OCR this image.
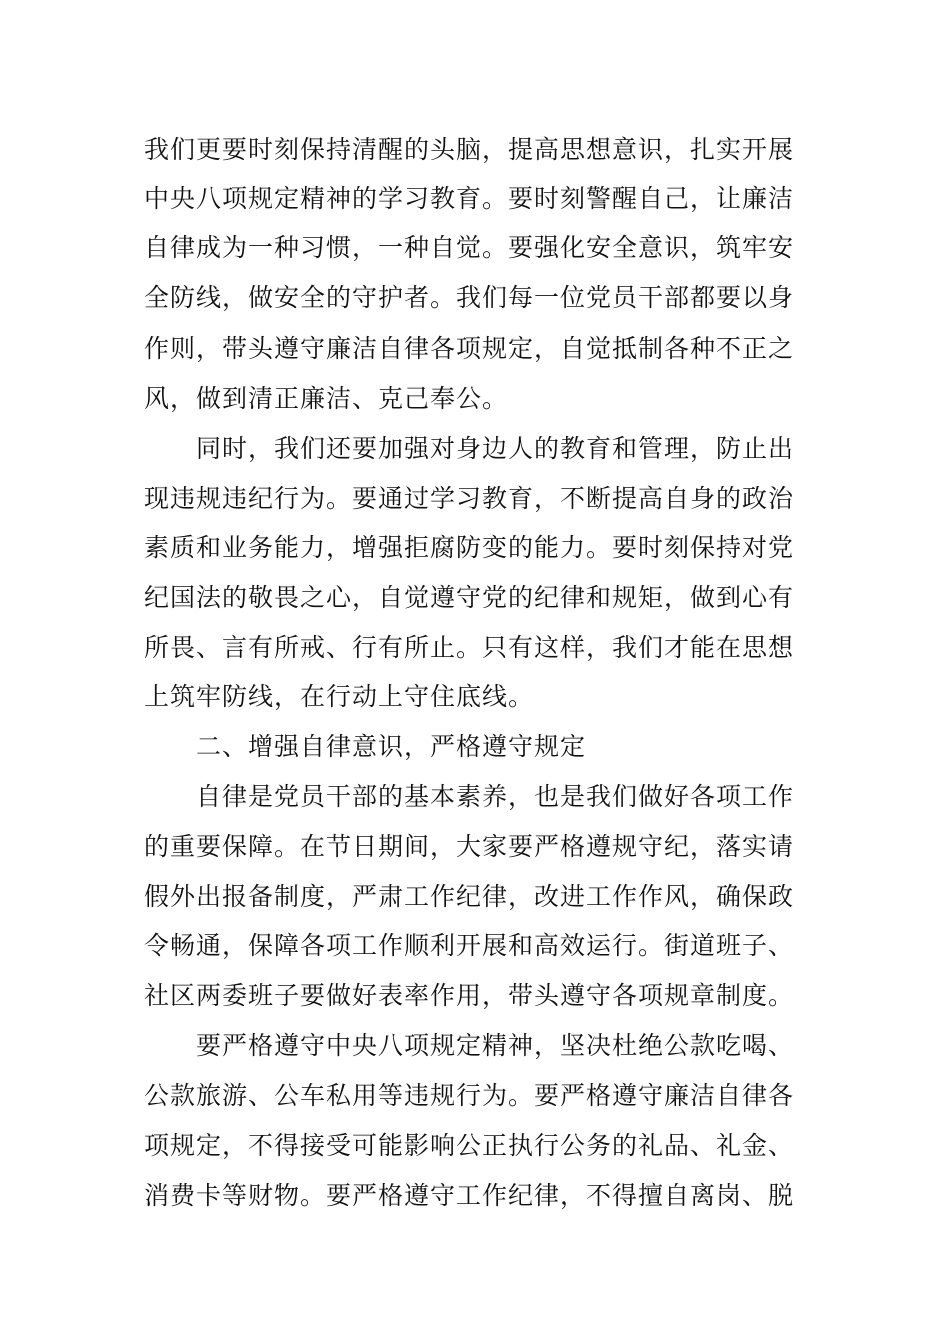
我们更要时刻保持清醒的头脑，提高思想意识，扎实开展
中央八项规定精神的学习教育。要时刻警醒自己，让廉洁
自律成为一种习惯，一种自觉。要强化安全意识，筑牢安
全防线，做安全的守护者。我们每一位党员干部都要以身
作则，带头遵守廉洁自律各项规定，自觉抵制各种不正之
风，做到清正廉洁、克己奉公。
同时，我们还要加强对身边人的教育和管理，防止出
现违规违纪行为。要通过学习教育，不断提高自身的政治
素质和业务能力，增强拒腐防变的能力。要时刻保持对党
纪国法的敬畏之心，自觉遵守党的纪律和规矩，做到心有
所畏、言有所戒、行有所止。只有这样，我们才能在思想
上筑牢防线，在行动上守住底线。
二、增强自律意识，严格遵守规定
自律是党员干部的基本素养，也是我们做好各项工作
的重要保障。在节日期间，大家要严格遵规守纪，落实请
假外出报备制度，严肃工作纪律，改进工作作风，确保政
令畅通，保障各项工作顺利开展和高效运行。街道班子、
社区两委班子要做好表率作用，带头遵守各项规章制度。
要严格遵守中央八项规定精神，坚决杜绝公款吃喝、
公款旅游、公车私用等违规行为。要严格遵守廉洁自律各
项规定，不得接受可能影响公正执行公务的礼品、礼金、
消费卡等财物。要严格遵守工作纪律，不得擅自离岗、脱
